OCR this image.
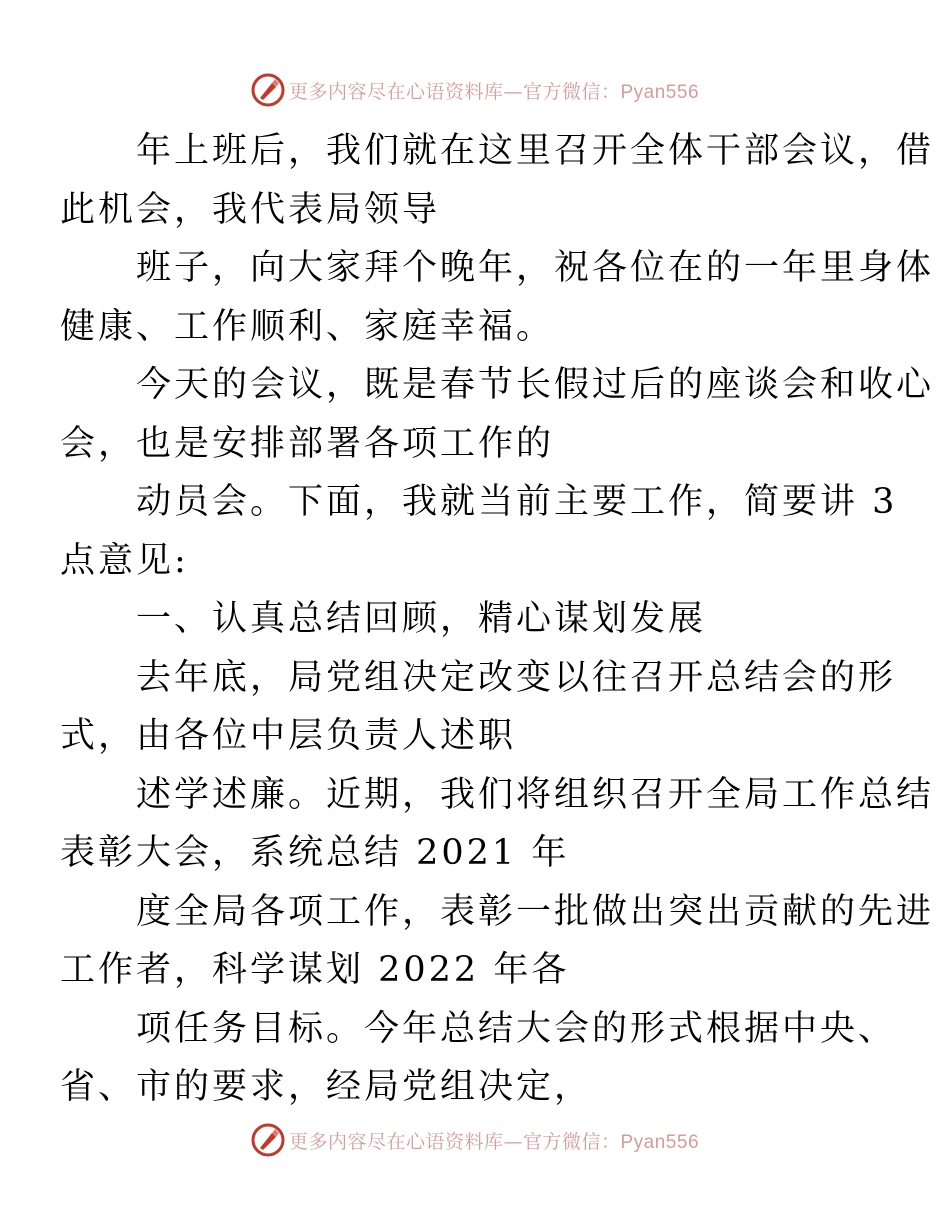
更多内容尽在心语资料库—官方微信：Pyan556

年上班后，我们就在这里召开全体干部会议，借
此机会，我代表局领导

班子，向大家拜个晚年，祝各位在的一年里身体
健康、工作顺利、家庭幸福。

今天的会议，既是春节长假过后的座谈会和收心
会，也是安排部署各项工作的

动员会。下面，我就当前主要工作，简要讲 3
点意见:

一、认真总结回顾，精心谋划发展

去年底，局党组决定改变以往召开总结会的形
式，由各位中层负责人述职

述学述廉。近期，我们将组织召开全局工作总结
表彰大会，系统总结 2021 年

度全局各项工作，表彰一批做出突出贡献的先进
工作者，科学谋划 2022 年各

项任务目标。今年总结大会的形式根据中央、
省、市的要求，经局党组决定，

更多内容尽在心语资料库—官方微信：Pyan556
